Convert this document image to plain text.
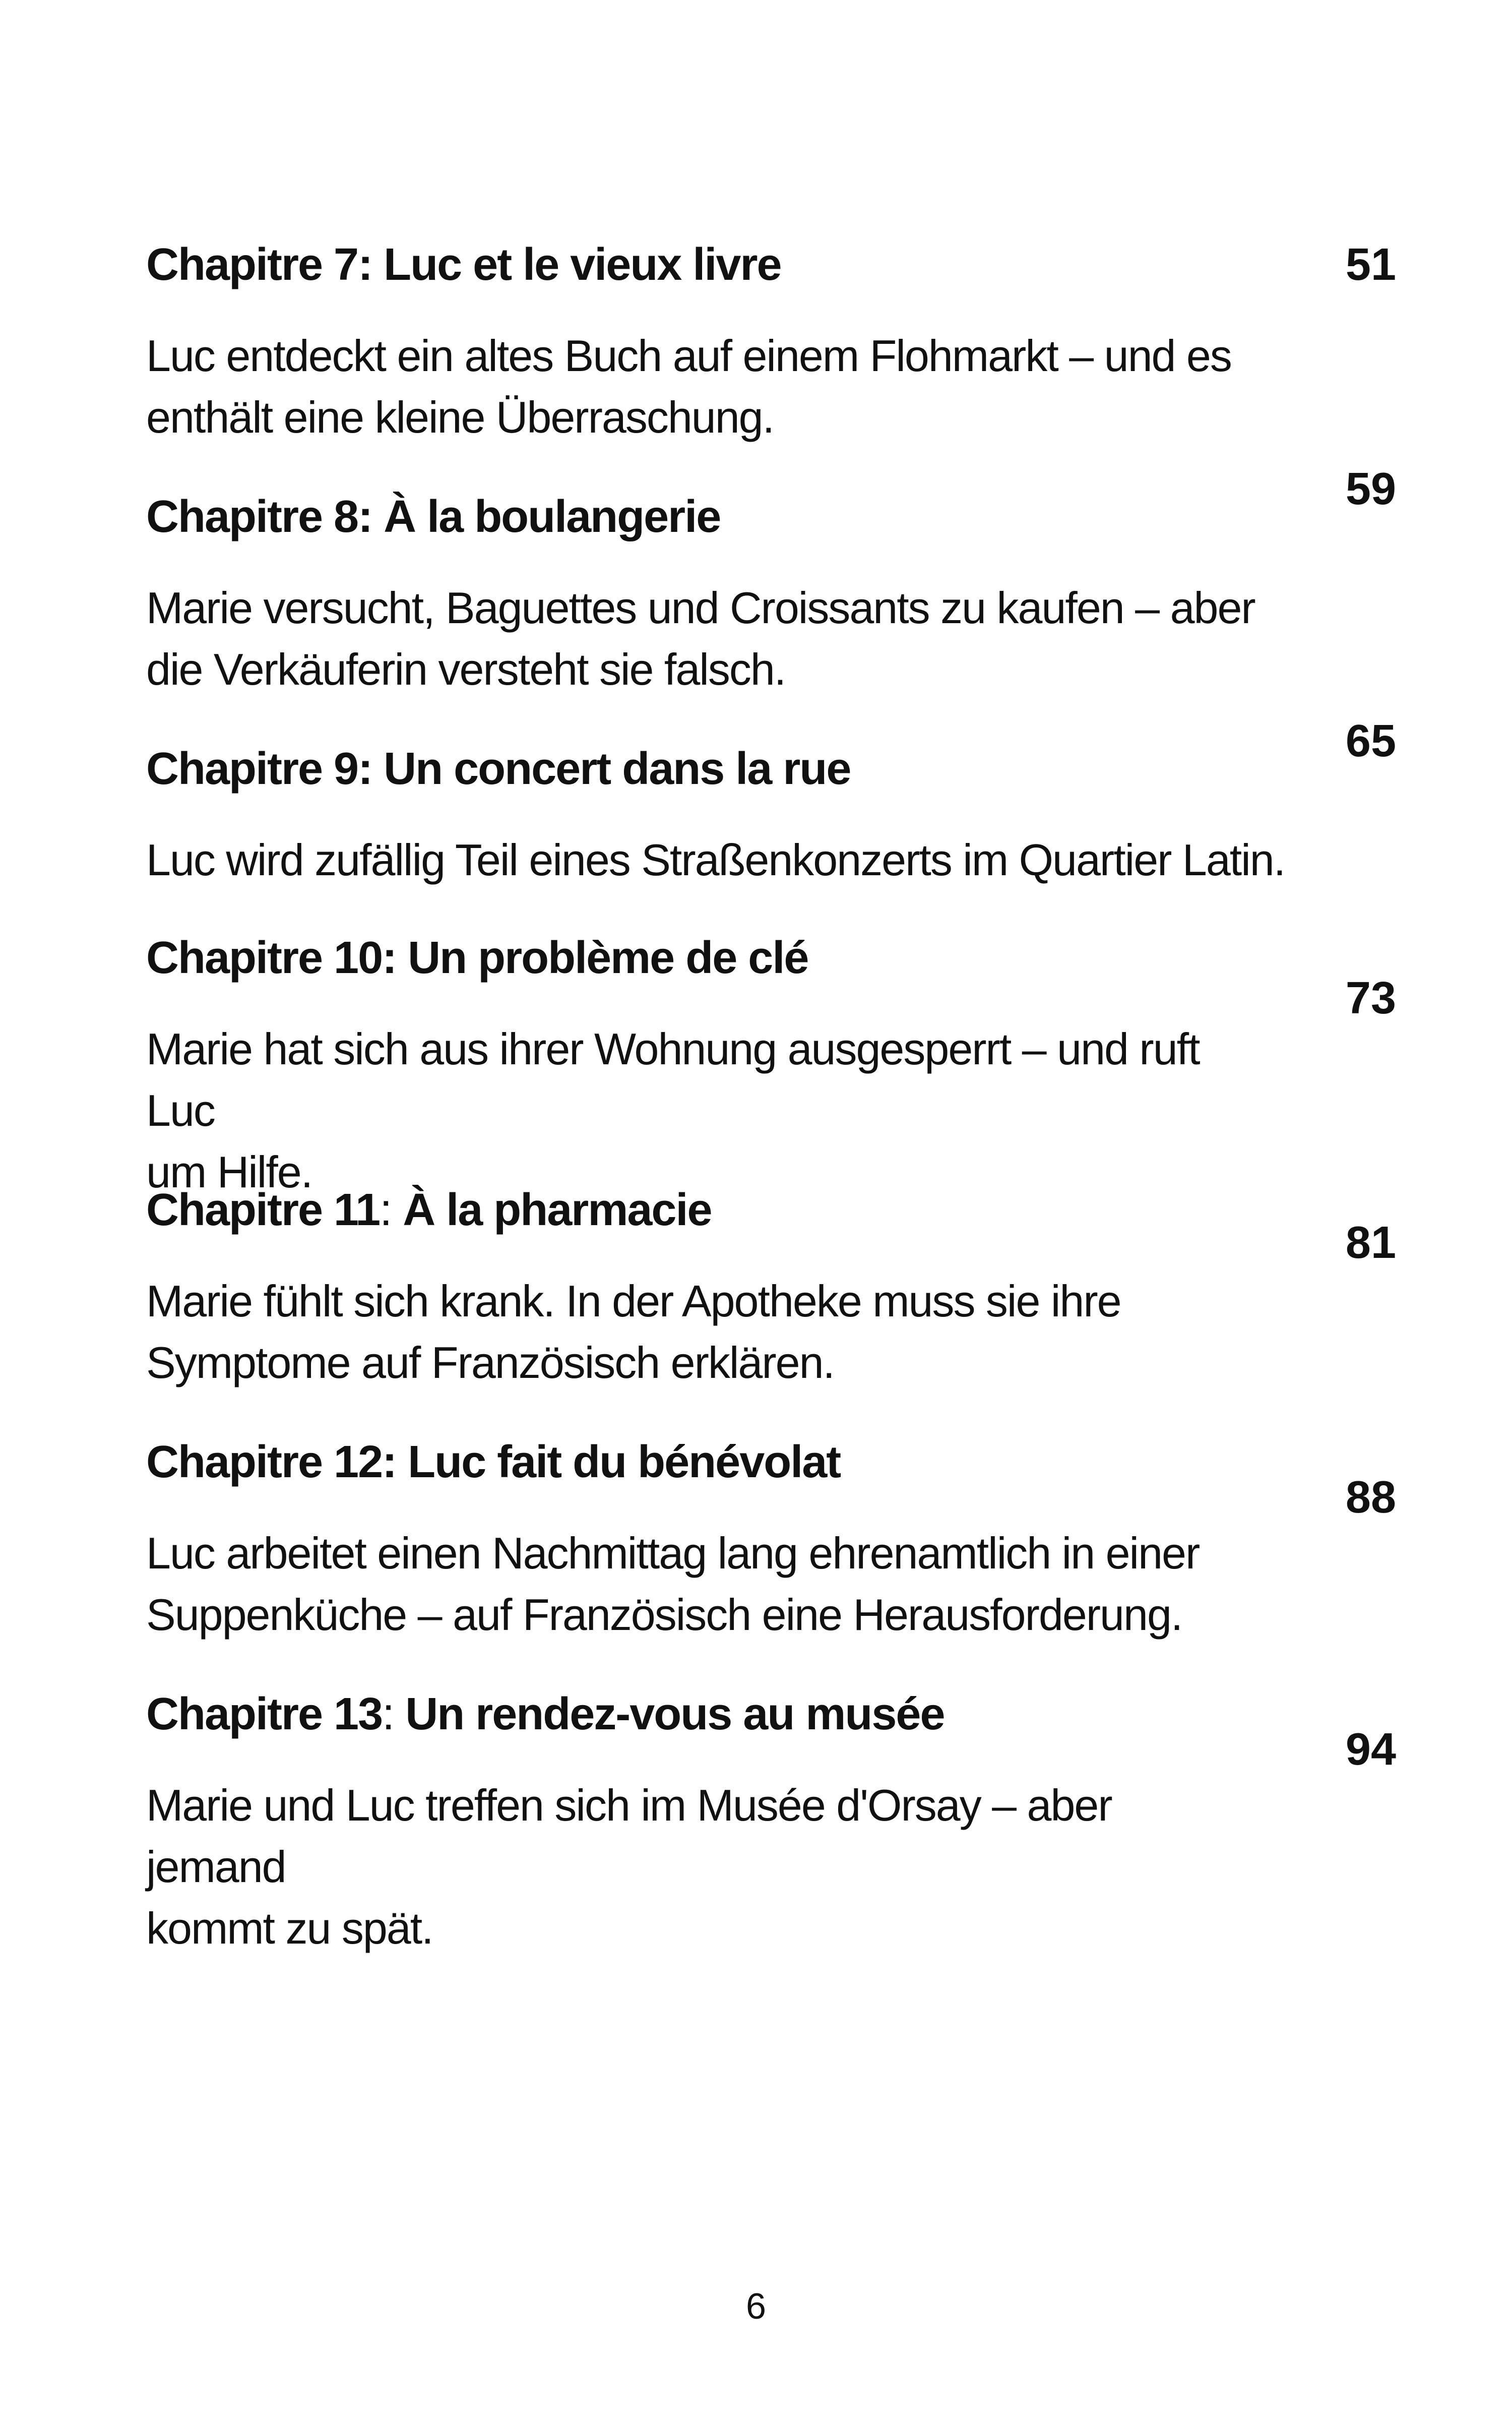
Chapitre 7: Luc et le vieux livre

Luc entdeckt ein altes Buch auf einem Flohmarkt – und es
enthält eine kleine Überraschung.

51
Chapitre 8: À la boulangerie

Marie versucht, Baguettes und Croissants zu kaufen – aber
die Verkäuferin versteht sie falsch.

59
Chapitre 9: Un concert dans la rue

Luc wird zufällig Teil eines Straßenkonzerts im Quartier Latin.

65
Chapitre 10: Un problème de clé

Marie hat sich aus ihrer Wohnung ausgesperrt – und ruft Luc
um Hilfe.

73
Chapitre 11: À la pharmacie

Marie fühlt sich krank. In der Apotheke muss sie ihre
Symptome auf Französisch erklären.

81
Chapitre 12: Luc fait du bénévolat

Luc arbeitet einen Nachmittag lang ehrenamtlich in einer
Suppenküche – auf Französisch eine Herausforderung.

88
Chapitre 13: Un rendez-vous au musée

Marie und Luc treffen sich im Musée d'Orsay – aber jemand
kommt zu spät.

94
6
